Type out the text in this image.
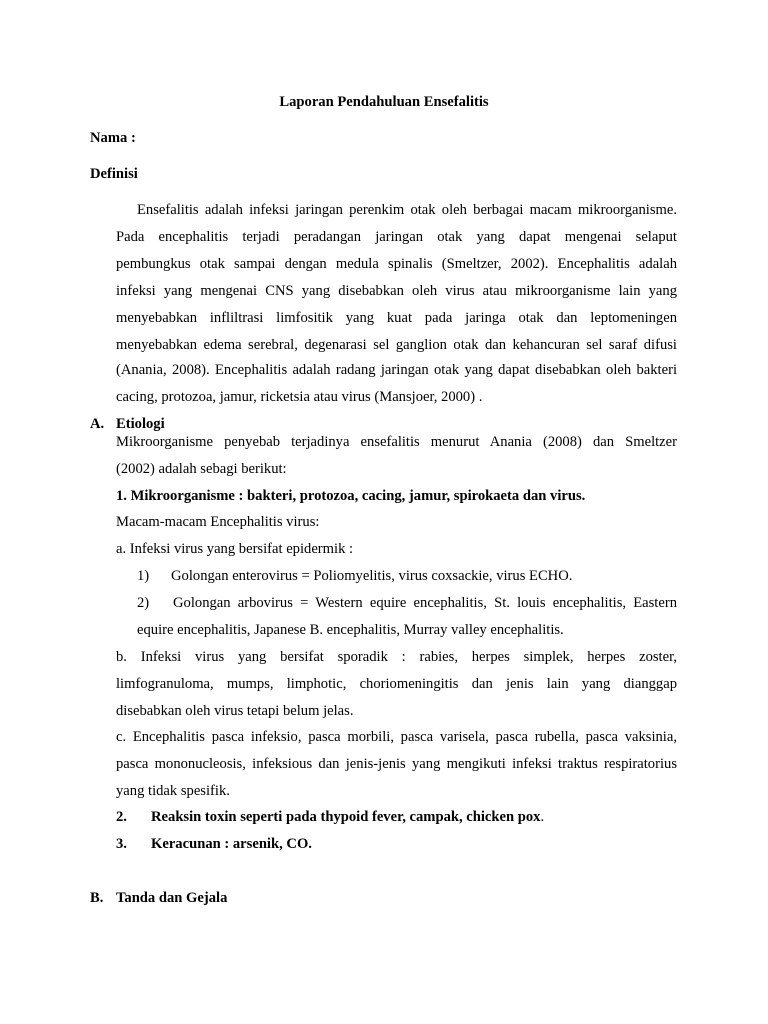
Laporan Pendahuluan Ensefalitis
Nama :
Definisi
Ensefalitis adalah infeksi jaringan perenkim otak oleh berbagai macam mikroorganisme.
Pada encephalitis terjadi peradangan jaringan otak yang dapat mengenai selaput
pembungkus otak sampai dengan medula spinalis (Smeltzer, 2002). Encephalitis adalah
infeksi yang mengenai CNS yang disebabkan oleh virus atau mikroorganisme lain yang
menyebabkan infliltrasi limfositik yang kuat pada jaringa otak dan leptomeningen
menyebabkan edema serebral, degenarasi sel ganglion otak dan kehancuran sel saraf difusi
(Anania, 2008). Encephalitis adalah radang jaringan otak yang dapat disebabkan oleh bakteri
cacing, protozoa, jamur, ricketsia atau virus (Mansjoer, 2000) .
A. Etiologi
Mikroorganisme penyebab terjadinya ensefalitis menurut Anania (2008) dan Smeltzer
(2002) adalah sebagi berikut:
1. Mikroorganisme : bakteri, protozoa, cacing, jamur, spirokaeta dan virus.
Macam-macam Encephalitis virus:
a. Infeksi virus yang bersifat epidermik :
1) Golongan enterovirus = Poliomyelitis, virus coxsackie, virus ECHO.
2) Golongan arbovirus = Western equire encephalitis, St. louis encephalitis, Eastern
equire encephalitis, Japanese B. encephalitis, Murray valley encephalitis.
b. Infeksi virus yang bersifat sporadik : rabies, herpes simplek, herpes zoster,
limfogranuloma, mumps, limphotic, choriomeningitis dan jenis lain yang dianggap
disebabkan oleh virus tetapi belum jelas.
c. Encephalitis pasca infeksio, pasca morbili, pasca varisela, pasca rubella, pasca vaksinia,
pasca mononucleosis, infeksious dan jenis-jenis yang mengikuti infeksi traktus respiratorius
yang tidak spesifik.
2. Reaksin toxin seperti pada thypoid fever, campak, chicken pox.
3. Keracunan : arsenik, CO.
B. Tanda dan Gejala
